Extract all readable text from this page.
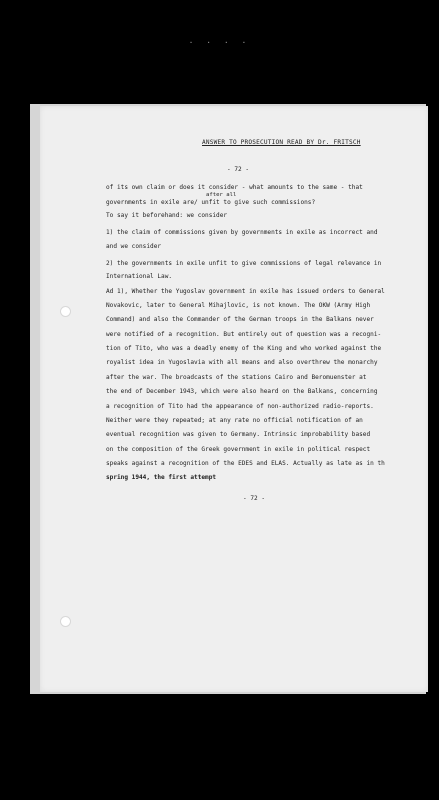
· · · ·
ANSWER TO PROSECUTION READ BY Dr. FRITSCH
- 72 -
after all
of its own claim or does it consider - what amounts to the same - that
governments in exile are/ unfit to give such commissions?
To say it beforehand: we consider
1) the claim of commissions given by governments in exile as incorrect and
and we consider
2) the governments in exile unfit to give commissions of legal relevance in
International Law.
Ad 1), Whether the Yugoslav government in exile has issued orders to General
Novakovic, later to General Mihajlovic, is not known. The OKW (Army High
Command) and also the Commander of the German troops in the Balkans never
were notified of a recognition. But entirely out of question was a recogni-
tion of Tito, who was a deadly enemy of the King and who worked against the
royalist idea in Yugoslavia with all means and also overthrew the monarchy
after the war. The broadcasts of the stations Cairo and Beromuenster at
the end of December 1943, which were also heard on the Balkans, concerning
a recognition of Tito had the appearance of non-authorized radio-reports.
Neither were they repeated; at any rate no official notification of an
eventual recognition was given to Germany. Intrinsic improbability based
on the composition of the Greek government in exile in political respect
speaks against a recognition of the EDES and ELAS. Actually as late as in th
spring 1944, the first attempt
- 72 -
